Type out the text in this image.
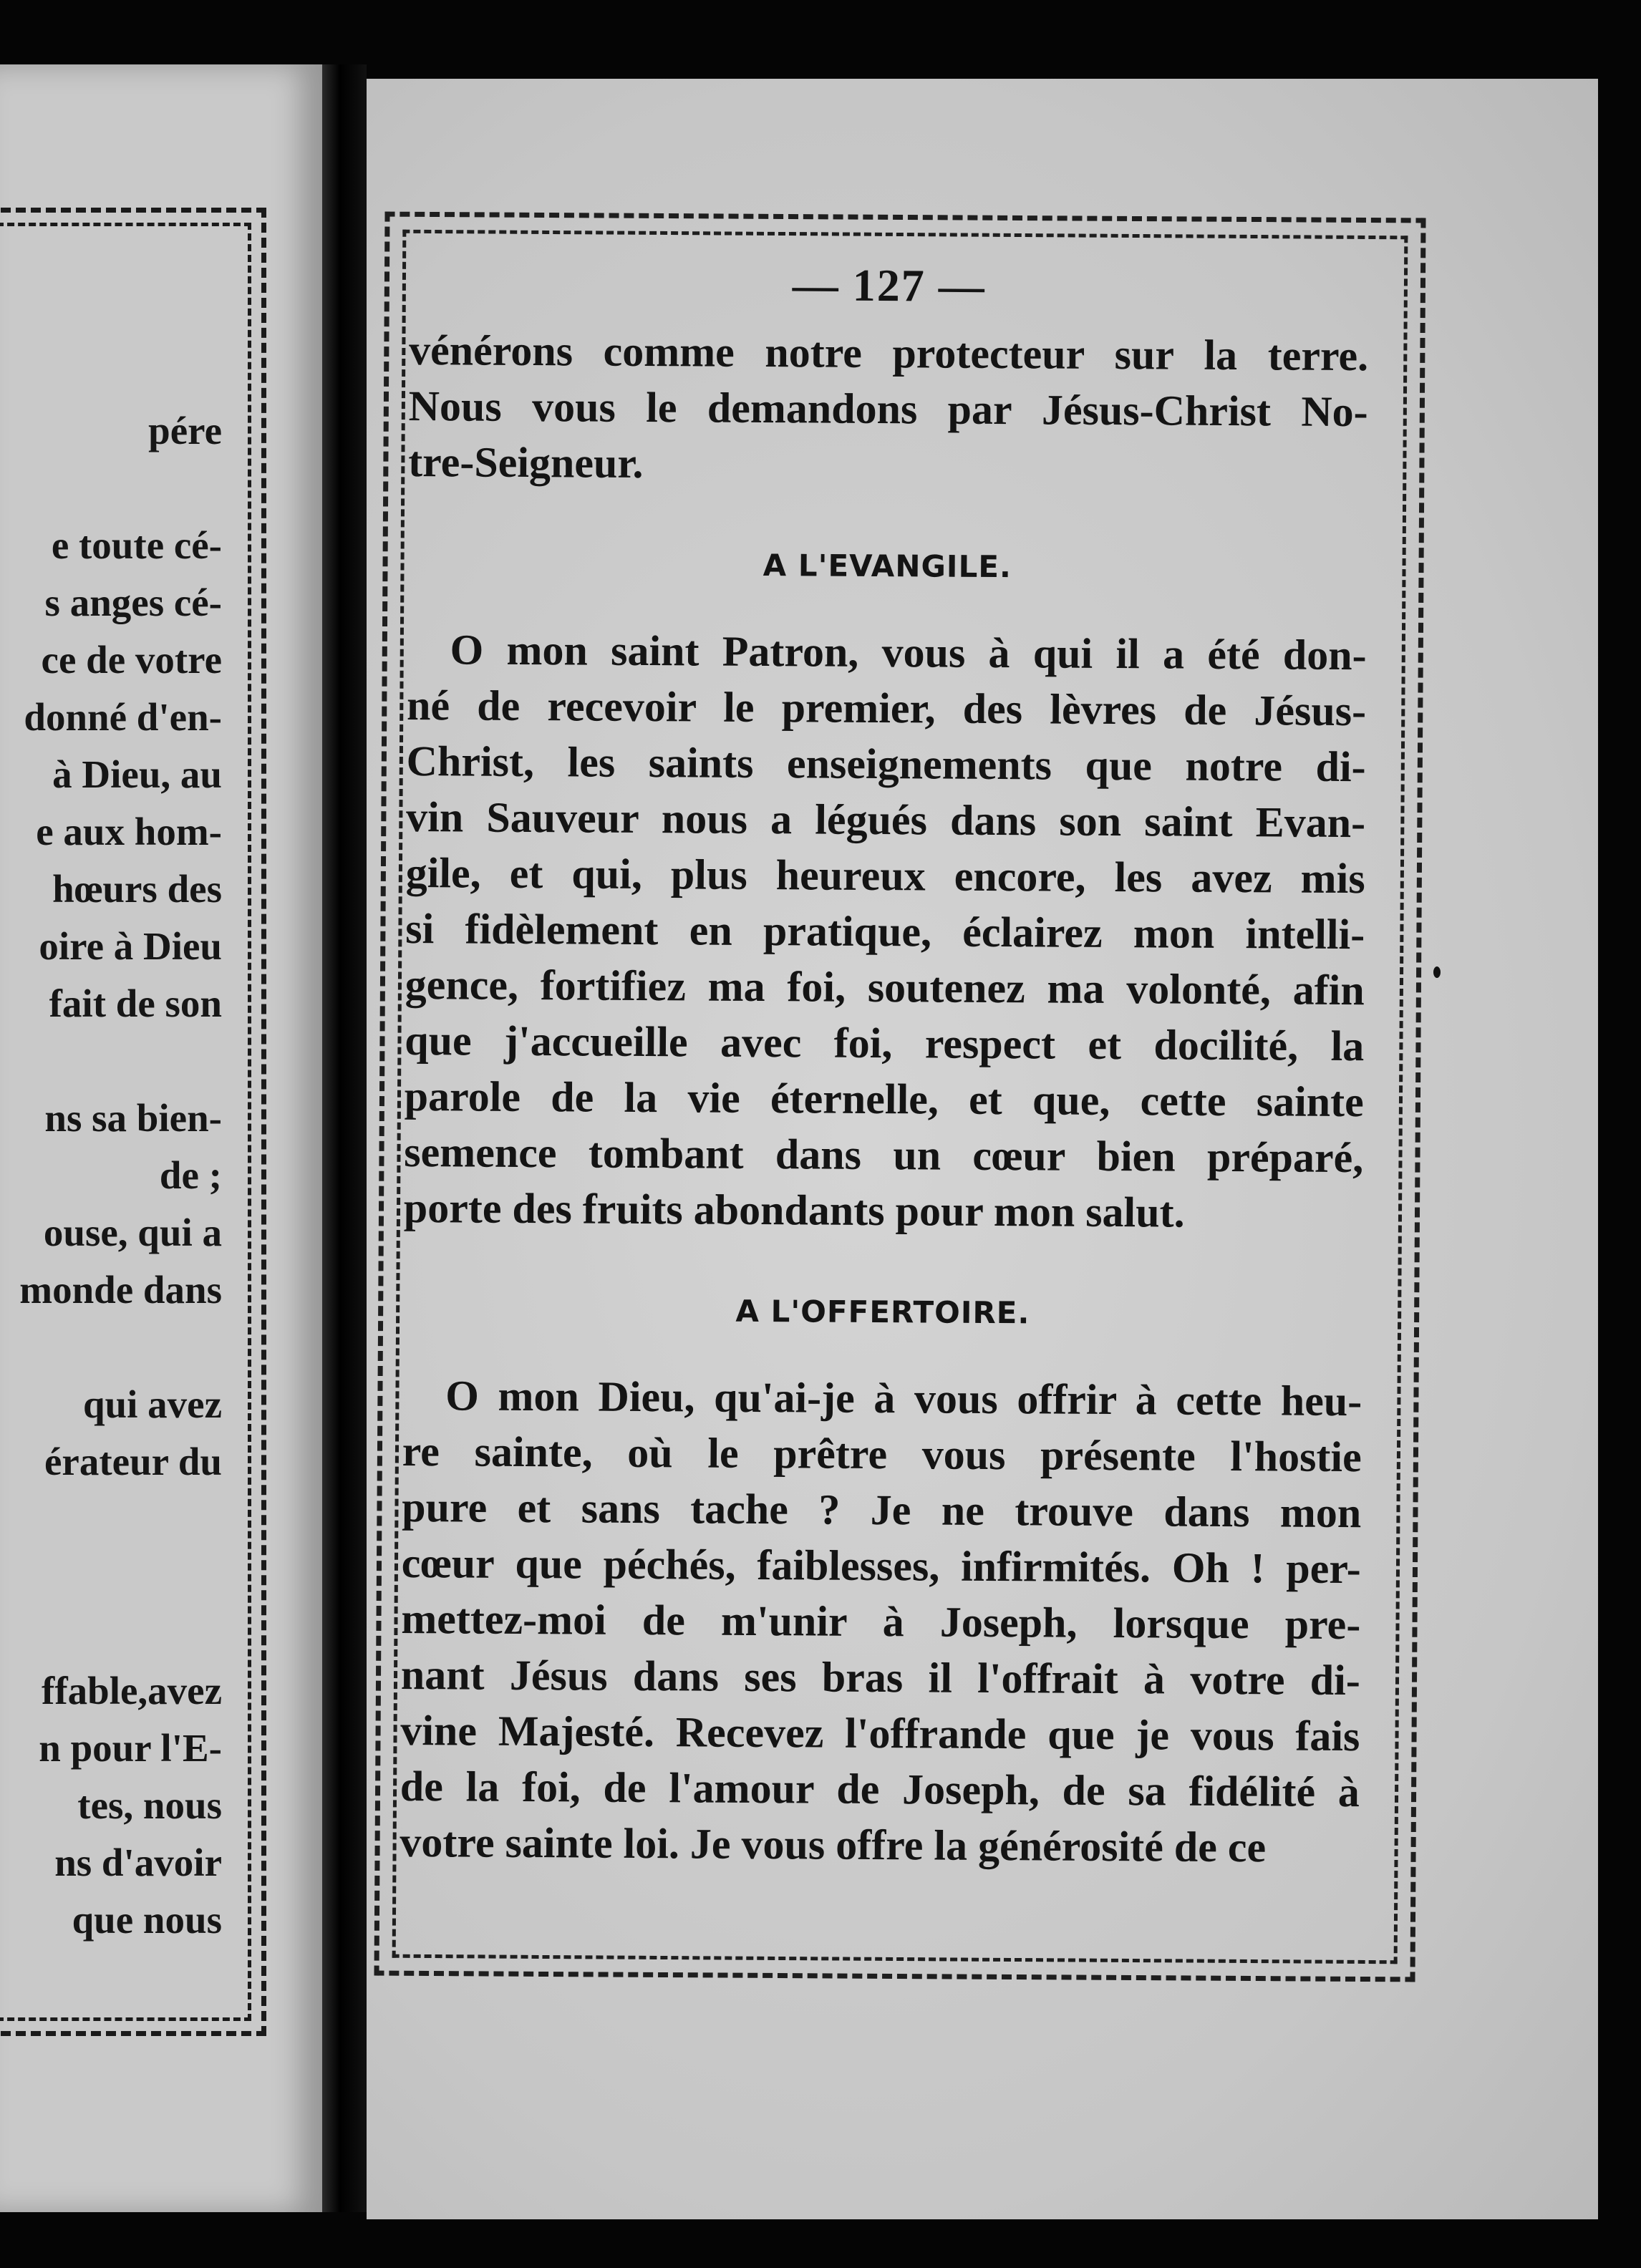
pére
e toute cé-
s anges cé-
ce de votre
donné d'en-
à Dieu, au
e aux hom-
hœurs des
oire à Dieu
fait de son
ns sa bien-
de ;
ouse, qui a
monde dans
qui avez
érateur du
ffable,avez
n pour l'E-
tes, nous
ns d'avoir
que nous
— 127 —
vénérons comme notre protecteur sur la terre.
Nous vous le demandons par Jésus-Christ No-
tre-Seigneur.
A L'EVANGILE.
O mon saint Patron, vous à qui il a été don-
né de recevoir le premier, des lèvres de Jésus-
Christ, les saints enseignements que notre di-
vin Sauveur nous a légués dans son saint Evan-
gile, et qui, plus heureux encore, les avez mis
si fidèlement en pratique, éclairez mon intelli-
gence, fortifiez ma foi, soutenez ma volonté, afin
que j'accueille avec foi, respect et docilité, la
parole de la vie éternelle, et que, cette sainte
semence tombant dans un cœur bien préparé,
porte des fruits abondants pour mon salut.
A L'OFFERTOIRE.
O mon Dieu, qu'ai-je à vous offrir à cette heu-
re sainte, où le prêtre vous présente l'hostie
pure et sans tache ? Je ne trouve dans mon
cœur que péchés, faiblesses, infirmités. Oh ! per-
mettez-moi de m'unir à Joseph, lorsque pre-
nant Jésus dans ses bras il l'offrait à votre di-
vine Majesté. Recevez l'offrande que je vous fais
de la foi, de l'amour de Joseph, de sa fidélité à
votre sainte loi. Je vous offre la générosité de ce
